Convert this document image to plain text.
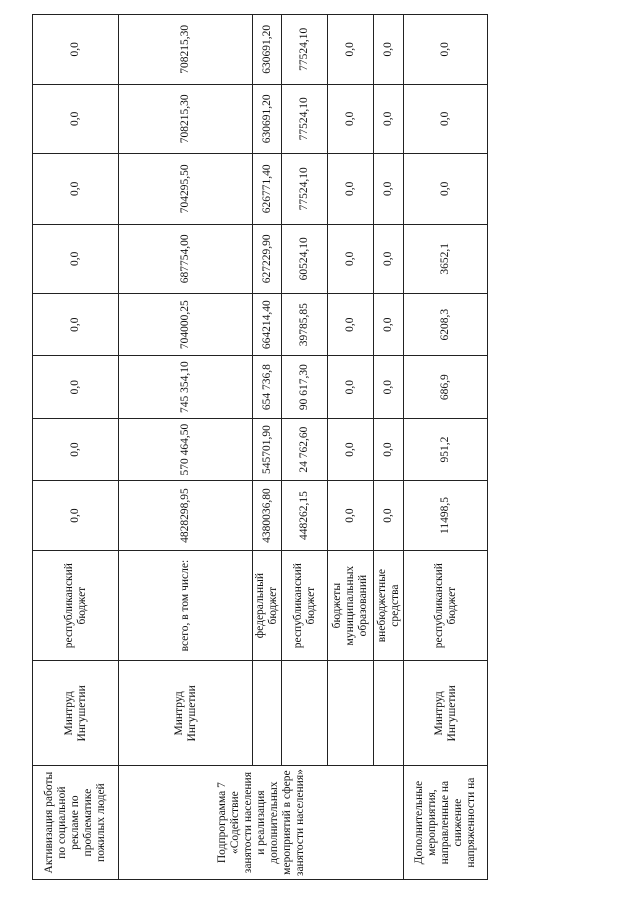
Активизация работы по социальной рекламе по проблематике пожилых людей	Минтруд Ингушетии	республиканский бюджет	0,0	0,0	0,0	0,0	0,0	0,0	0,0	0,0
Подпрограмма 7 «Содействие занятости населения и реализация дополнительных мероприятий в сфере занятости населения»	Минтруд Ингушетии	всего, в том числе:	4828298,95	570 464,50	745 354,10	704000,25	687754,00	704295,50	708215,30	708215,30
		федеральный бюджет	4380036,80	545701,90	654 736,8	664214,40	627229,90	626771,40	630691,20	630691,20
		республиканский бюджет	448262,15	24 762,60	90 617,30	39785,85	60524,10	77524,10	77524,10	77524,10
		бюджеты муниципальных образований	0,0	0,0	0,0	0,0	0,0	0,0	0,0	0,0
		внебюджетные средства	0,0	0,0	0,0	0,0	0,0	0,0	0,0	0,0
Дополнительные мероприятия, направленные на снижение напряженности на	Минтруд Ингушетии	республиканский бюджет	11498,5	951,2	686,9	6208,3	3652,1	0,0	0,0	0,0
